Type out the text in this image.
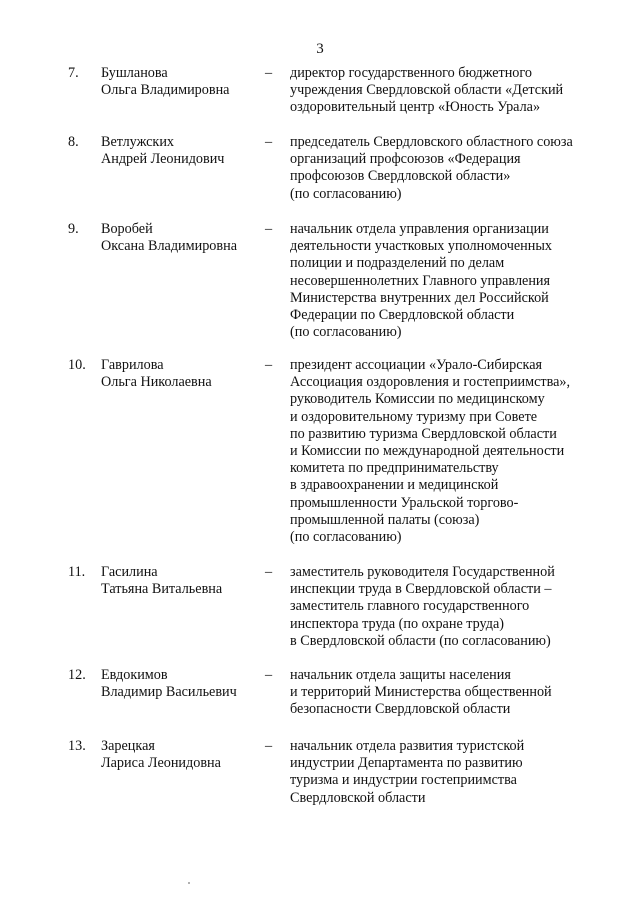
3
7. Бушланова
Ольга Владимировна
– директор государственного бюджетного
учреждения Свердловской области «Детский
оздоровительный центр «Юность Урала»
8. Ветлужских
Андрей Леонидович
– председатель Свердловского областного союза
организаций профсоюзов «Федерация
профсоюзов Свердловской области»
(по согласованию)
9. Воробей
Оксана Владимировна
– начальник отдела управления организации
деятельности участковых уполномоченных
полиции и подразделений по делам
несовершеннолетних Главного управления
Министерства внутренних дел Российской
Федерации по Свердловской области
(по согласованию)
10. Гаврилова
Ольга Николаевна
– президент ассоциации «Урало-Сибирская
Ассоциация оздоровления и гостеприимства»,
руководитель Комиссии по медицинскому
и оздоровительному туризму при Совете
по развитию туризма Свердловской области
и Комиссии по международной деятельности
комитета по предпринимательству
в здравоохранении и медицинской
промышленности Уральской торгово-
промышленной палаты (союза)
(по согласованию)
11. Гасилина
Татьяна Витальевна
– заместитель руководителя Государственной
инспекции труда в Свердловской области –
заместитель главного государственного
инспектора труда (по охране труда)
в Свердловской области (по согласованию)
12. Евдокимов
Владимир Васильевич
– начальник отдела защиты населения
и территорий Министерства общественной
безопасности Свердловской области
13. Зарецкая
Лариса Леонидовна
– начальник отдела развития туристской
индустрии Департамента по развитию
туризма и индустрии гостеприимства
Свердловской области
